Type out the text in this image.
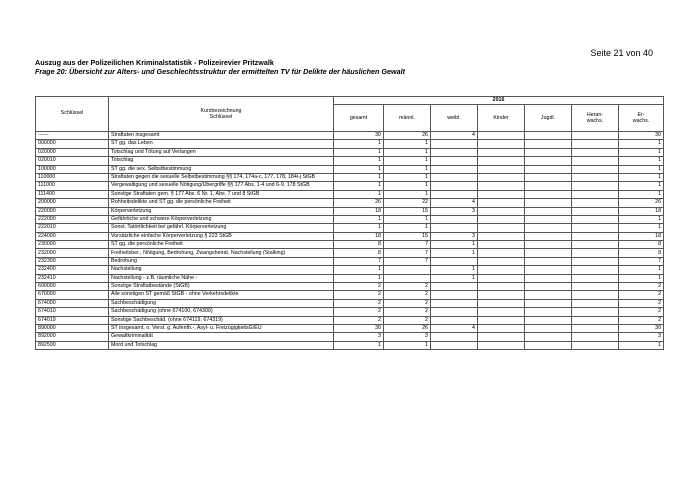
Seite 21 von 40
Auszug aus der Polizeilichen Kriminalstatistik - Polizeirevier Pritzwalk
Frage 20: Übersicht zur Alters- und Geschlechtsstruktur der ermittelten TV für Delikte der häuslichen Gewalt
Schlüssel	Kurzbezeichnung
Schlüssel	2016						
		gesamt	männl.	weibl.	Kinder	Jugdl.	Heran-
wachs.	Er-
wachs.
------	Straftaten insgesamt	30	26	4				30
000000	ST gg. das Leben	1	1					1
020000	Totschlag und Tötung auf Verlangen	1	1					1
020010	Totschlag	1	1					1
100000	ST gg. die sex. Selbstbestimmung	1	1					1
110000	Straftaten gegen die sexuelle Selbstbestimmung §§ 174, 174a-c, 177, 178, 184i-j StGB	1	1					1
111000	Vergewaltigung und sexuelle Nötigung/Übergriffe §§ 177 Abs. 1-4 und 6-9, 178 StGB	1	1					1
111400	Sonstige Straftaten gem. § 177 Abs. 6 Nr. 1, Abs. 7 und 8 StGB	1	1					1
200000	Rohheitsdelikte und ST gg. die persönliche Freiheit	26	22	4				26
220000	Körperverletzung	18	15	3				18
222000	Gefährliche und schwere Körperverletzung	1	1					1
222010	Sonst. Tatörtlichkeit bei gefährl. Körperverletzung	1	1					1
224000	Vorsätzliche einfache Körperverletzung § 223 StGB	18	15	3				18
230000	ST gg. die persönliche Freiheit	8	7	1				8
232000	Freiheitsber., Nötigung, Bedrohung, Zwangsheirat, Nachstellung (Stalking)	8	7	1				8
232300	Bedrohung	7	7					7
232400	Nachstellung	1		1				1
232410	Nachstellung - z.B. räumliche Nähe -	1		1				1
600000	Sonstige Straftatbestände (StGB)	2	2					2
670000	Alle sonstigen ST gemäß StGB - ohne Verkehrsdelikte	2	2					2
674000	Sachbeschädigung	2	2					2
674010	Sachbeschädigung (ohne 674100, 674300)	2	2					2
674019	Sonstige Sachbeschäd. (ohne 674119, 674319)	2	2					2
890000	ST insgesamt, o. Verst. g. Aufenth.-, Asyl- u. FreizügigkeitsG/EU	30	26	4				30
892000	Gewaltkriminalität	3	3					3
892500	Mord und Totschlag	1	1					1
